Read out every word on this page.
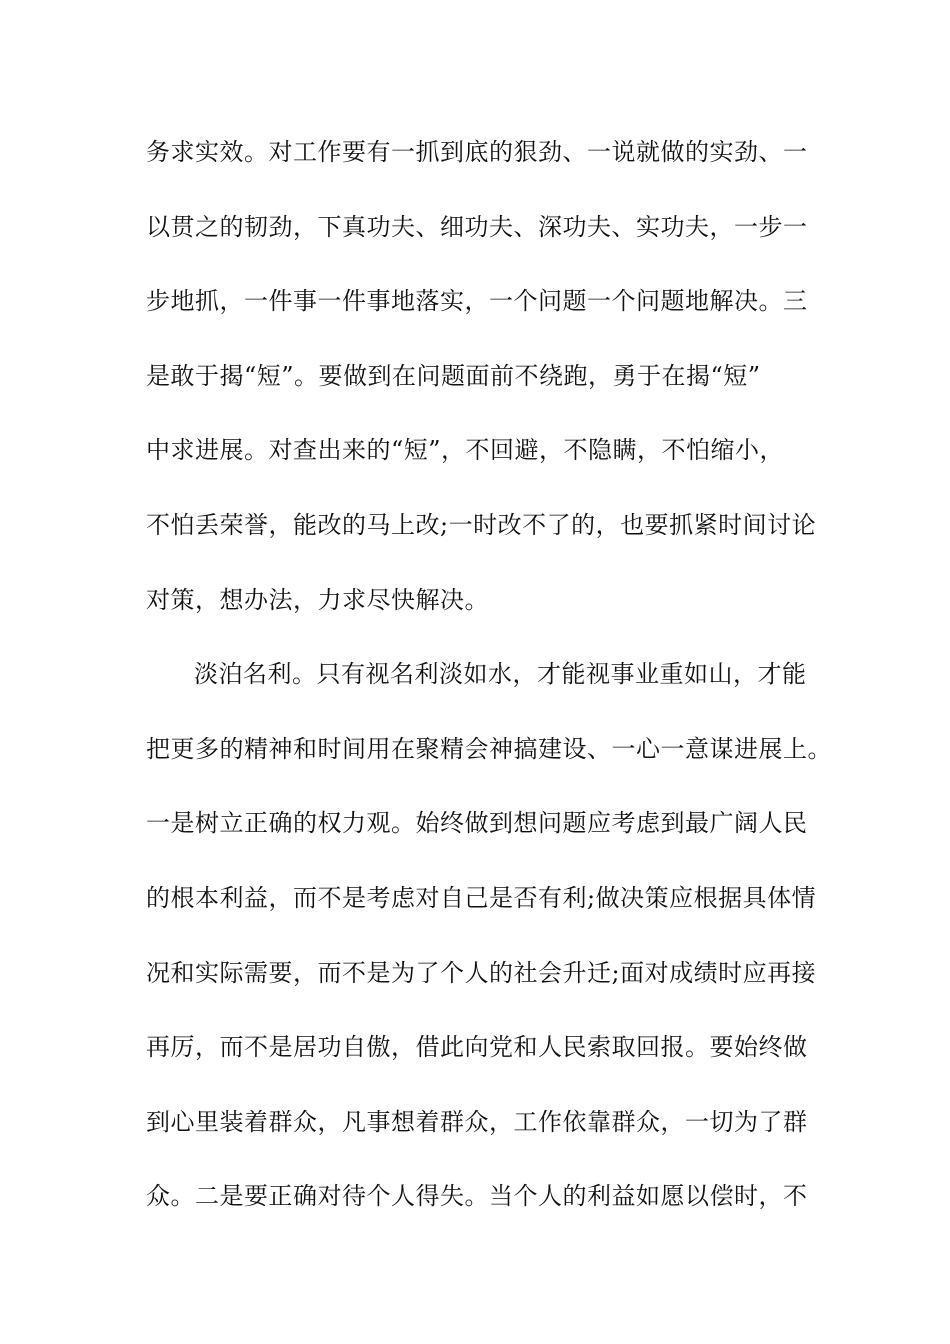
务求实效。对工作要有一抓到底的狠劲、一说就做的实劲、一
以贯之的韧劲，下真功夫、细功夫、深功夫、实功夫，一步一
步地抓，一件事一件事地落实，一个问题一个问题地解决。三
是敢于揭“短”。要做到在问题面前不绕跑，勇于在揭“短”
中求进展。对查出来的“短”，不回避，不隐瞒，不怕缩小，
不怕丢荣誉，能改的马上改;一时改不了的，也要抓紧时间讨论
对策，想办法，力求尽快解决。
淡泊名利。只有视名利淡如水，才能视事业重如山，才能
把更多的精神和时间用在聚精会神搞建设、一心一意谋进展上。
一是树立正确的权力观。始终做到想问题应考虑到最广阔人民
的根本利益，而不是考虑对自己是否有利;做决策应根据具体情
况和实际需要，而不是为了个人的社会升迁;面对成绩时应再接
再厉，而不是居功自傲，借此向党和人民索取回报。要始终做
到心里装着群众，凡事想着群众，工作依靠群众，一切为了群
众。二是要正确对待个人得失。当个人的利益如愿以偿时，不
